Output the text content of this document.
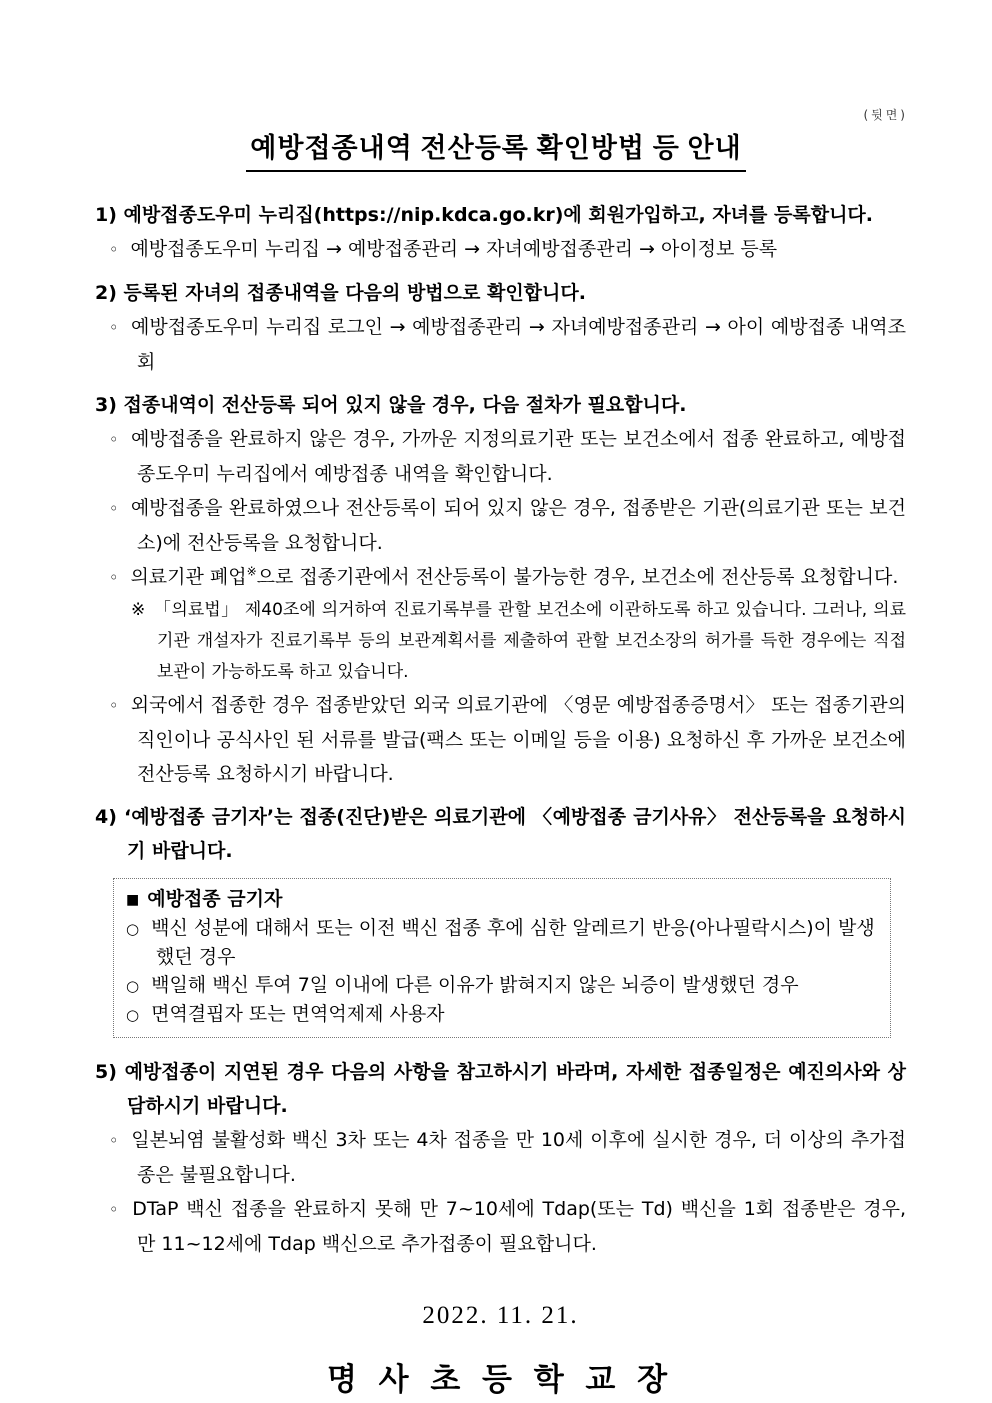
(뒷면)
예방접종내역 전산등록 확인방법 등 안내
1) 예방접종도우미 누리집(https://nip.kdca.go.kr)에 회원가입하고, 자녀를 등록합니다.
◦ 예방접종도우미 누리집 → 예방접종관리 → 자녀예방접종관리 → 아이정보 등록
2) 등록된 자녀의 접종내역을 다음의 방법으로 확인합니다.
◦ 예방접종도우미 누리집 로그인 → 예방접종관리 → 자녀예방접종관리 → 아이 예방접종 내역조회
3) 접종내역이 전산등록 되어 있지 않을 경우, 다음 절차가 필요합니다.
◦ 예방접종을 완료하지 않은 경우, 가까운 지정의료기관 또는 보건소에서 접종 완료하고, 예방접종도우미 누리집에서 예방접종 내역을 확인합니다.
◦ 예방접종을 완료하였으나 전산등록이 되어 있지 않은 경우, 접종받은 기관(의료기관 또는 보건소)에 전산등록을 요청합니다.
◦ 의료기관 폐업※으로 접종기관에서 전산등록이 불가능한 경우, 보건소에 전산등록 요청합니다.
※ 「의료법」 제40조에 의거하여 진료기록부를 관할 보건소에 이관하도록 하고 있습니다. 그러나, 의료기관 개설자가 진료기록부 등의 보관계획서를 제출하여 관할 보건소장의 허가를 득한 경우에는 직접 보관이 가능하도록 하고 있습니다.
◦ 외국에서 접종한 경우 접종받았던 외국 의료기관에 〈영문 예방접종증명서〉 또는 접종기관의 직인이나 공식사인 된 서류를 발급(팩스 또는 이메일 등을 이용) 요청하신 후 가까운 보건소에 전산등록 요청하시기 바랍니다.
4) ‘예방접종 금기자’는 접종(진단)받은 의료기관에 〈예방접종 금기사유〉 전산등록을 요청하시기 바랍니다.
■ 예방접종 금기자
○ 백신 성분에 대해서 또는 이전 백신 접종 후에 심한 알레르기 반응(아나필락시스)이 발생했던 경우
○ 백일해 백신 투여 7일 이내에 다른 이유가 밝혀지지 않은 뇌증이 발생했던 경우
○ 면역결핍자 또는 면역억제제 사용자
5) 예방접종이 지연된 경우 다음의 사항을 참고하시기 바라며, 자세한 접종일정은 예진의사와 상담하시기 바랍니다.
◦ 일본뇌염 불활성화 백신 3차 또는 4차 접종을 만 10세 이후에 실시한 경우, 더 이상의 추가접종은 불필요합니다.
◦ DTaP 백신 접종을 완료하지 못해 만 7~10세에 Tdap(또는 Td) 백신을 1회 접종받은 경우, 만 11~12세에 Tdap 백신으로 추가접종이 필요합니다.
2022. 11. 21.
명 사 초 등 학 교 장
